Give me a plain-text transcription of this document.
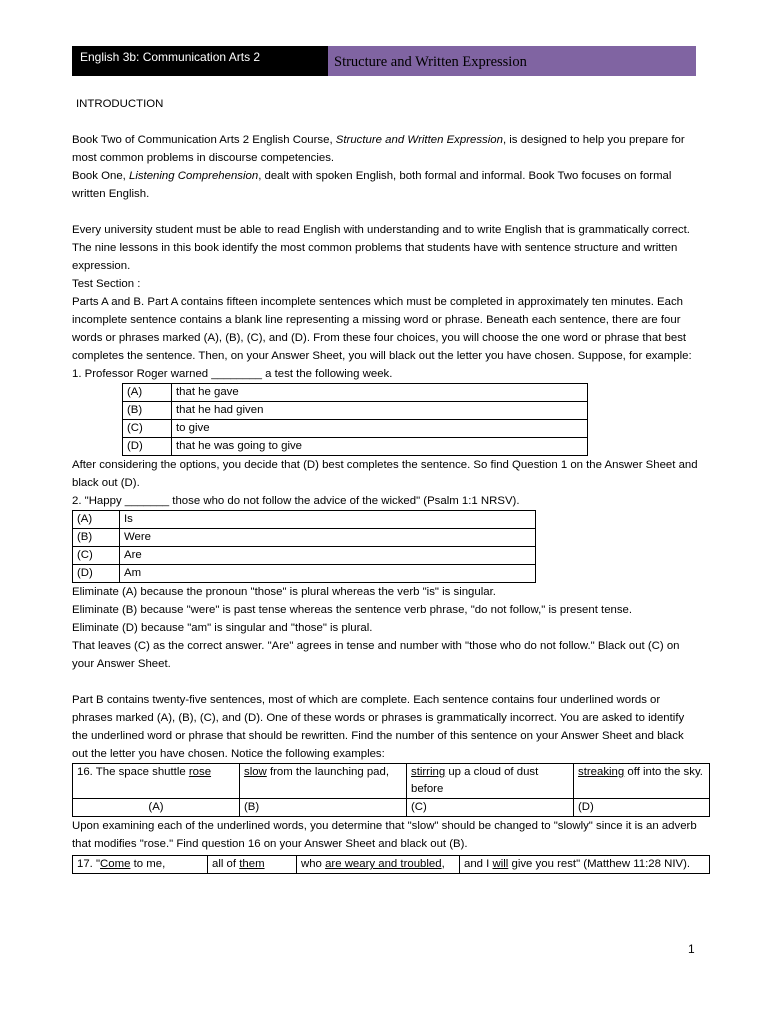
English 3b: Communication Arts 2	Structure and Written Expression

INTRODUCTION

Book Two of Communication Arts 2 English Course, Structure and Written Expression, is designed to help you prepare for most common problems in discourse competencies.

Book One, Listening Comprehension, dealt with spoken English, both formal and informal. Book Two focuses on formal written English.

Every university student must be able to read English with understanding and to write English that is grammatically correct. The nine lessons in this book identify the most common problems that students have with sentence structure and written expression.

Test Section :

Parts A and B. Part A contains fifteen incomplete sentences which must be completed in approximately ten minutes. Each incomplete sentence contains a blank line representing a missing word or phrase. Beneath each sentence, there are four words or phrases marked (A), (B), (C), and (D). From these four choices, you will choose the one word or phrase that best completes the sentence. Then, on your Answer Sheet, you will black out the letter you have chosen. Suppose, for example:

1. Professor Roger warned ________ a test the following week.

(A)	that he gave
(B)	that he had given
(C)	to give
(D)	that he was going to give

After considering the options, you decide that (D) best completes the sentence. So find Question 1 on the Answer Sheet and black out (D).

2. "Happy _______ those who do not follow the advice of the wicked" (Psalm 1:1 NRSV).

(A)	Is
(B)	Were
(C)	Are
(D)	Am

Eliminate (A) because the pronoun "those" is plural whereas the verb "is" is singular.

Eliminate (B) because "were" is past tense whereas the sentence verb phrase, "do not follow," is present tense.

Eliminate (D) because "am" is singular and "those" is plural.

That leaves (C) as the correct answer. "Are" agrees in tense and number with "those who do not follow." Black out (C) on your Answer Sheet.

Part B contains twenty-five sentences, most of which are complete. Each sentence contains four underlined words or phrases marked (A), (B), (C), and (D). One of these words or phrases is grammatically incorrect. You are asked to identify the underlined word or phrase that should be rewritten. Find the number of this sentence on your Answer Sheet and black out the letter you have chosen. Notice the following examples:

16. The space shuttle rose	slow from the launching pad,	stirring up a cloud of dust before	streaking off into the sky.
(A)	(B)	(C)	(D)

Upon examining each of the underlined words, you determine that "slow" should be changed to "slowly" since it is an adverb that modifies "rose." Find question 16 on your Answer Sheet and black out (B).

17. "Come to me,	all of them	who are weary and troubled,	and I will give you rest" (Matthew 11:28 NIV).
1
